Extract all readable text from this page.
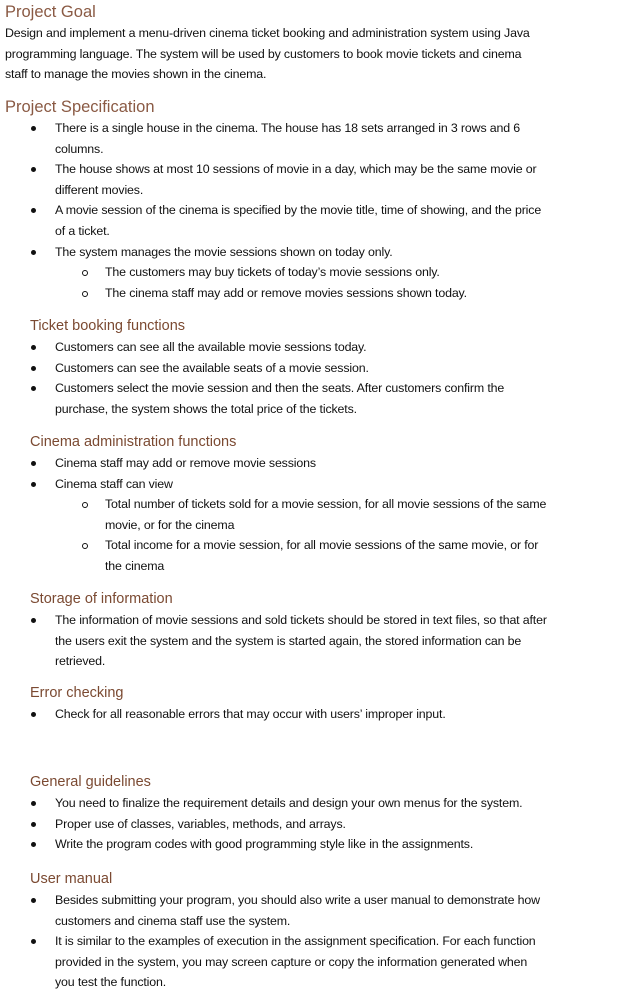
Project Goal
Design and implement a menu-driven cinema ticket booking and administration system using Java
programming language. The system will be used by customers to book movie tickets and cinema
staff to manage the movies shown in the cinema.
Project Specification
There is a single house in the cinema. The house has 18 sets arranged in 3 rows and 6
columns.
The house shows at most 10 sessions of movie in a day, which may be the same movie or
different movies.
A movie session of the cinema is specified by the movie title, time of showing, and the price
of a ticket.
The system manages the movie sessions shown on today only.
The customers may buy tickets of today’s movie sessions only.
The cinema staff may add or remove movies sessions shown today.
Ticket booking functions
Customers can see all the available movie sessions today.
Customers can see the available seats of a movie session.
Customers select the movie session and then the seats. After customers confirm the
purchase, the system shows the total price of the tickets.
Cinema administration functions
Cinema staff may add or remove movie sessions
Cinema staff can view
Total number of tickets sold for a movie session, for all movie sessions of the same
movie, or for the cinema
Total income for a movie session, for all movie sessions of the same movie, or for
the cinema
Storage of information
The information of movie sessions and sold tickets should be stored in text files, so that after
the users exit the system and the system is started again, the stored information can be
retrieved.
Error checking
Check for all reasonable errors that may occur with users’ improper input.
General guidelines
You need to finalize the requirement details and design your own menus for the system.
Proper use of classes, variables, methods, and arrays.
Write the program codes with good programming style like in the assignments.
User manual
Besides submitting your program, you should also write a user manual to demonstrate how
customers and cinema staff use the system.
It is similar to the examples of execution in the assignment specification. For each function
provided in the system, you may screen capture or copy the information generated when
you test the function.
